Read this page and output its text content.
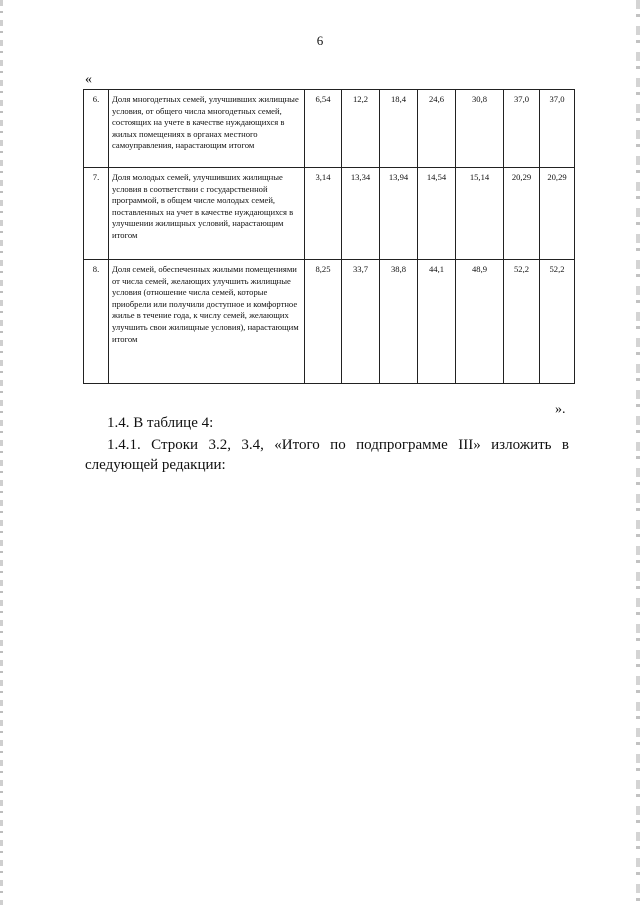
6
«
6.	Доля многодетных семей, улучшивших жилищные условия, от общего числа многодетных семей, состоящих на учете в качестве нуждающихся в жилых помещениях в органах местного самоуправления, нарастающим итогом	6,54	12,2	18,4	24,6	30,8	37,0	37,0
7.	Доля молодых семей, улучшивших жилищные условия в соответствии с государственной программой, в общем числе молодых семей, поставленных на учет в качестве нуждающихся в улучшении жилищных условий, нарастающим итогом	3,14	13,34	13,94	14,54	15,14	20,29	20,29
8.	Доля семей, обеспеченных жилыми помещениями от числа семей, желающих улучшить жилищные условия (отношение числа семей, которые приобрели или получили доступное и комфортное жилье в течение года, к числу семей, желающих улучшить свои жилищные условия), нарастающим итогом	8,25	33,7	38,8	44,1	48,9	52,2	52,2
».
1.4. В таблице 4:
1.4.1. Строки 3.2, 3.4, «Итого по подпрограмме III» изложить в следующей редакции:
